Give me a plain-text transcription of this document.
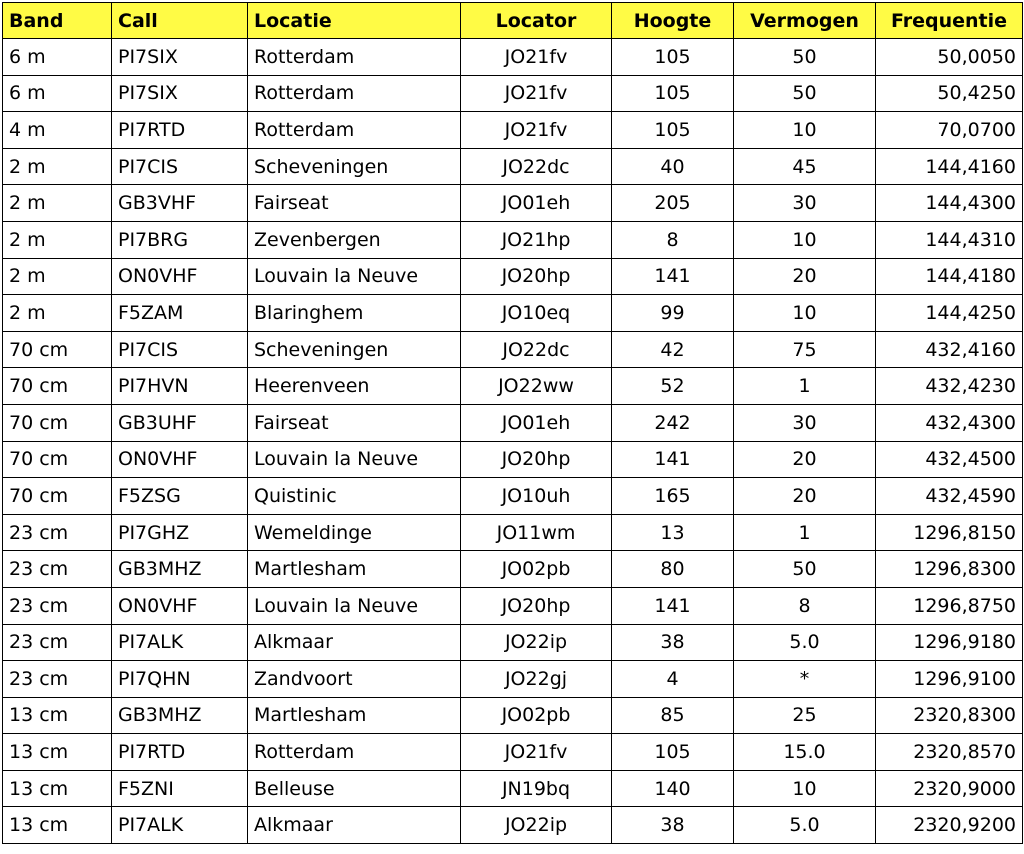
Band	Call	Locatie	Locator	Hoogte	Vermogen	Frequentie
6 m	PI7SIX	Rotterdam	JO21fv	105	50	50,0050
6 m	PI7SIX	Rotterdam	JO21fv	105	50	50,4250
4 m	PI7RTD	Rotterdam	JO21fv	105	10	70,0700
2 m	PI7CIS	Scheveningen	JO22dc	40	45	144,4160
2 m	GB3VHF	Fairseat	JO01eh	205	30	144,4300
2 m	PI7BRG	Zevenbergen	JO21hp	8	10	144,4310
2 m	ON0VHF	Louvain la Neuve	JO20hp	141	20	144,4180
2 m	F5ZAM	Blaringhem	JO10eq	99	10	144,4250
70 cm	PI7CIS	Scheveningen	JO22dc	42	75	432,4160
70 cm	PI7HVN	Heerenveen	JO22ww	52	1	432,4230
70 cm	GB3UHF	Fairseat	JO01eh	242	30	432,4300
70 cm	ON0VHF	Louvain la Neuve	JO20hp	141	20	432,4500
70 cm	F5ZSG	Quistinic	JO10uh	165	20	432,4590
23 cm	PI7GHZ	Wemeldinge	JO11wm	13	1	1296,8150
23 cm	GB3MHZ	Martlesham	JO02pb	80	50	1296,8300
23 cm	ON0VHF	Louvain la Neuve	JO20hp	141	8	1296,8750
23 cm	PI7ALK	Alkmaar	JO22ip	38	5.0	1296,9180
23 cm	PI7QHN	Zandvoort	JO22gj	4	*	1296,9100
13 cm	GB3MHZ	Martlesham	JO02pb	85	25	2320,8300
13 cm	PI7RTD	Rotterdam	JO21fv	105	15.0	2320,8570
13 cm	F5ZNI	Belleuse	JN19bq	140	10	2320,9000
13 cm	PI7ALK	Alkmaar	JO22ip	38	5.0	2320,9200
